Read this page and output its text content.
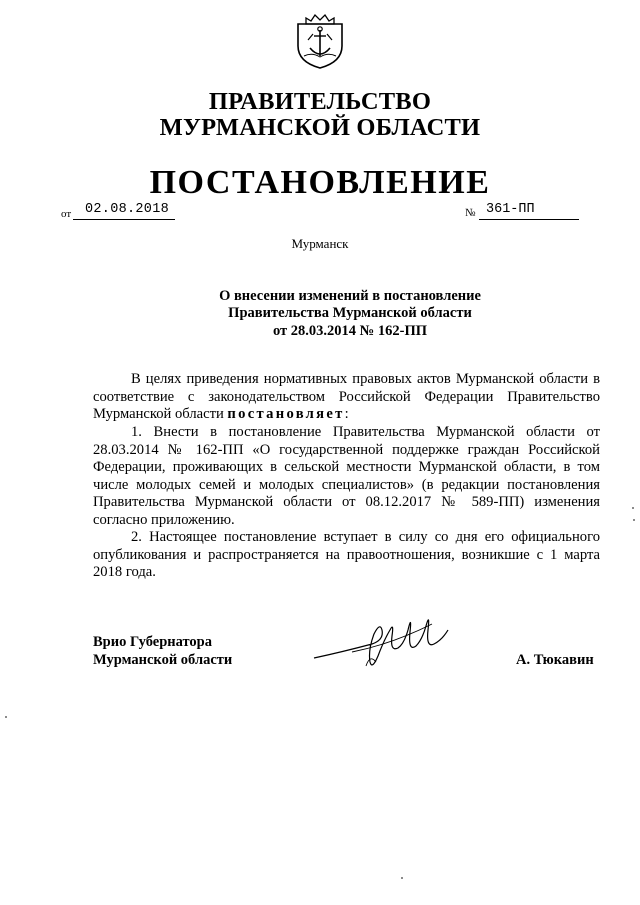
ПРАВИТЕЛЬСТВО
МУРМАНСКОЙ ОБЛАСТИ
ПОСТАНОВЛЕНИЕ
от 02.08.2018	№ 361-ПП
Мурманск
О внесении изменений в постановление
Правительства Мурманской области
от 28.03.2014 № 162-ПП
В целях приведения нормативных правовых актов Мурманской области в соответствие с законодательством Российской Федерации Правительство Мурманской области постановляет:
1. Внести в постановление Правительства Мурманской области от 28.03.2014 № 162-ПП «О государственной поддержке граждан Российской Федерации, проживающих в сельской местности Мурманской области, в том числе молодых семей и молодых специалистов» (в редакции постановления Правительства Мурманской области от 08.12.2017 № 589-ПП) изменения согласно приложению.
2. Настоящее постановление вступает в силу со дня его официального опубликования и распространяется на правоотношения, возникшие с 1 марта 2018 года.
Врио Губернатора
Мурманской области	А. Тюкавин
